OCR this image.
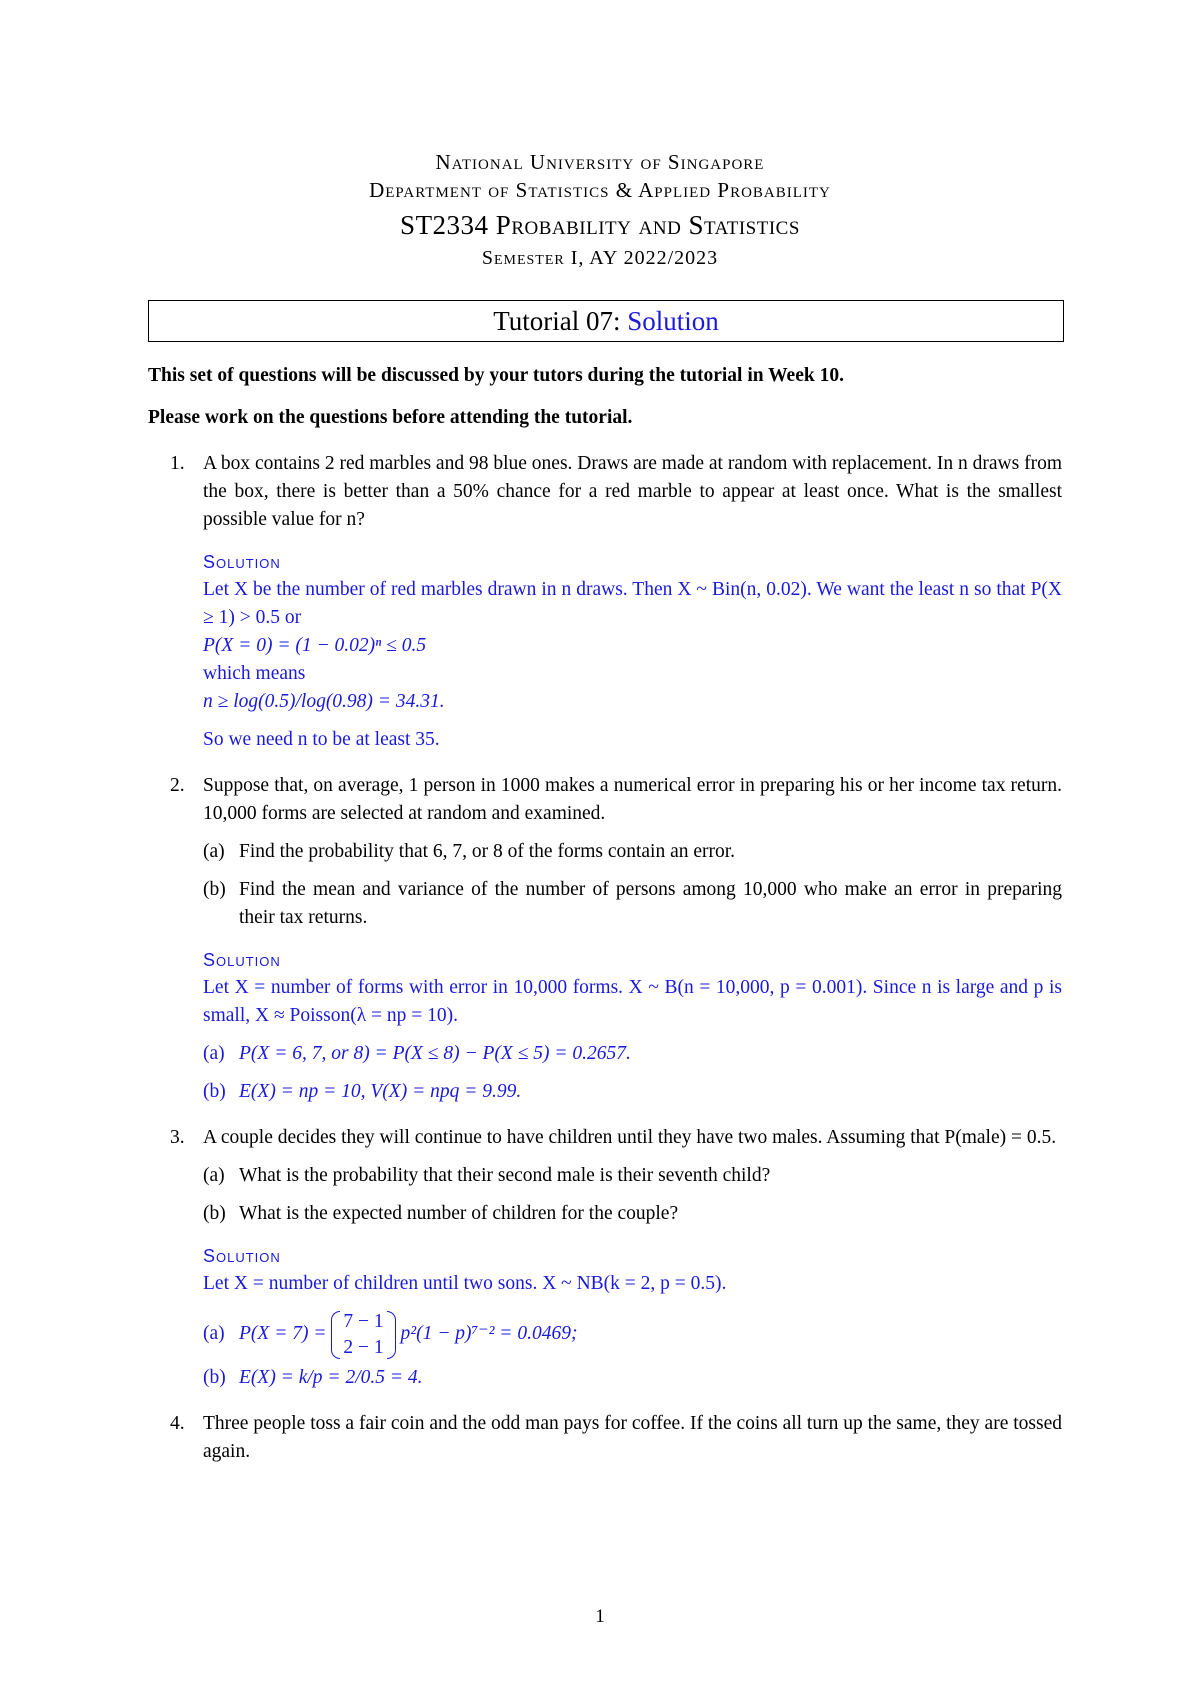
National University of Singapore
Department of Statistics & Applied Probability
ST2334 Probability and Statistics
Semester I, AY 2022/2023
Tutorial 07: Solution

This set of questions will be discussed by your tutors during the tutorial in Week 10.

Please work on the questions before attending the tutorial.

1. A box contains 2 red marbles and 98 blue ones. Draws are made at random with replacement. In n draws from the box, there is better than a 50% chance for a red marble to appear at least once. What is the smallest possible value for n?
Solution

Let X be the number of red marbles drawn in n draws. Then X ~ Bin(n, 0.02). We want the least n so that P(X ≥ 1) > 0.5 or

P(X = 0) = (1 − 0.02)ⁿ ≤ 0.5

which means

n ≥ log(0.5)/log(0.98) = 34.31.

So we need n to be at least 35.

2. Suppose that, on average, 1 person in 1000 makes a numerical error in preparing his or her income tax return. 10,000 forms are selected at random and examined.
(a) Find the probability that 6, 7, or 8 of the forms contain an error.
(b) Find the mean and variance of the number of persons among 10,000 who make an error in preparing their tax returns.
Solution

Let X = number of forms with error in 10,000 forms. X ~ B(n = 10,000, p = 0.001). Since n is large and p is small, X ≈ Poisson(λ = np = 10).

(a) P(X = 6, 7, or 8) = P(X ≤ 8) − P(X ≤ 5) = 0.2657.
(b) E(X) = np = 10, V(X) = npq = 9.99.
3. A couple decides they will continue to have children until they have two males. Assuming that P(male) = 0.5.
(a) What is the probability that their second male is their seventh child?
(b) What is the expected number of children for the couple?
Solution

Let X = number of children until two sons. X ~ NB(k = 2, p = 0.5).

(a) P(X = 7) =
7 − 1
2 − 1
p²(1 − p)⁷⁻² = 0.0469;
(b) E(X) = k/p = 2/0.5 = 4.
4. Three people toss a fair coin and the odd man pays for coffee. If the coins all turn up the same, they are tossed again.
1
